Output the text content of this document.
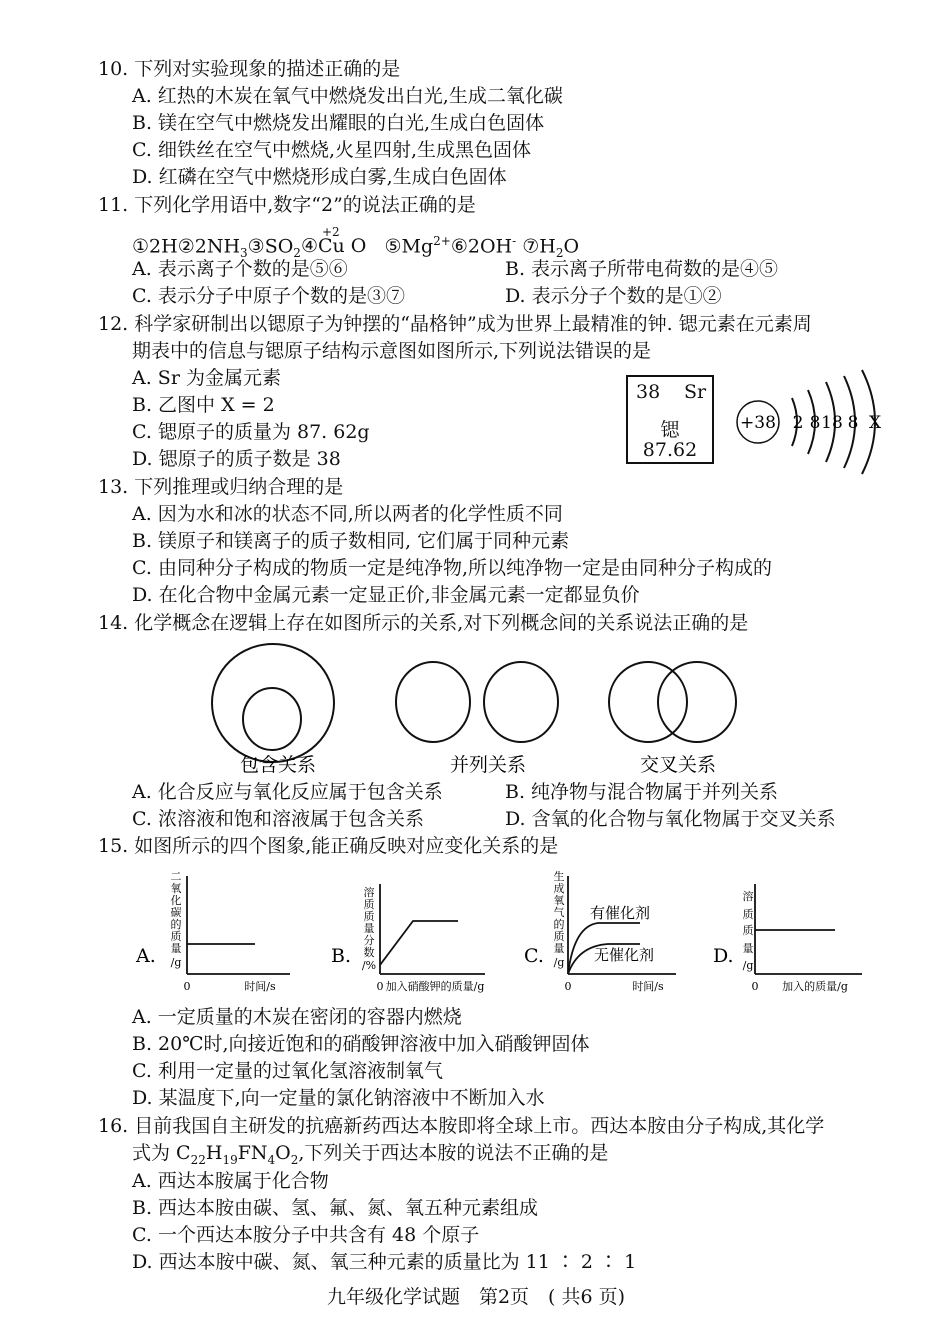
10. 下列对实验现象的描述正确的是
A. 红热的木炭在氧气中燃烧发出白光,生成二氧化碳
B. 镁在空气中燃烧发出耀眼的白光,生成白色固体
C. 细铁丝在空气中燃烧,火星四射,生成黑色固体
D. 红磷在空气中燃烧形成白雾,生成白色固体
11. 下列化学用语中,数字“2”的说法正确的是
$①2H②2NH_3③SO_2$
+2
④Cu O $⑤Mg^{2+}⑥2OH^-$ $⑦H_2O$
A. 表示离子个数的是⑤⑥	B. 表示离子所带电荷数的是④⑤
C. 表示分子中原子个数的是③⑦	D. 表示分子个数的是①②
12. 科学家研制出以锶原子为钟摆的“晶格钟”成为世界上最精准的钟. 锶元素在元素周
期表中的信息与锶原子结构示意图如图所示,下列说法错误的是
A. Sr 为金属元素
B. 乙图中 X = 2
C. 锶原子的质量为 87. 62g
D. 锶原子的质子数是 38
38 Sr
锶
87.62
+38 2 8 18 8 X
13. 下列推理或归纳合理的是
A. 因为水和冰的状态不同,所以两者的化学性质不同
B. 镁原子和镁离子的质子数相同, 它们属于同种元素
C. 由同种分子构成的物质一定是纯净物,所以纯净物一定是由同种分子构成的
D. 在化合物中金属元素一定显正价,非金属元素一定都显负价
14. 化学概念在逻辑上存在如图所示的关系,对下列概念间的关系说法正确的是
包含关系	并列关系	交叉关系
A. 化合反应与氧化反应属于包含关系	B. 纯净物与混合物属于并列关系
C. 浓溶液和饱和溶液属于包含关系	D. 含氧的化合物与氧化物属于交叉关系
15. 如图所示的四个图象,能正确反映对应变化关系的是
A.
二
氧
化
碳
的
质
量
/g
0	时间/s
B.
溶
质
质
量
分
数
/%
0 加入硝酸钾的质量/g
C.
生
成
氧
气
的
质
量
/g
有催化剂
无催化剂
0	时间/s
D.
溶
质
质
量
/g
0 加入的质量/g
A. 一定质量的木炭在密闭的容器内燃烧
B. 20℃时,向接近饱和的硝酸钾溶液中加入硝酸钾固体
C. 利用一定量的过氧化氢溶液制氧气
D. 某温度下,向一定量的氯化钠溶液中不断加入水
16. 目前我国自主研发的抗癌新药西达本胺即将全球上市。西达本胺由分子构成,其化学
式为 $C_{22}H_{19}FN_4O_2$,下列关于西达本胺的说法不正确的是
A. 西达本胺属于化合物
B. 西达本胺由碳、氢、氟、氮、氧五种元素组成
C. 一个西达本胺分子中共含有 48 个原子
D. 西达本胺中碳、氮、氧三种元素的质量比为 11 ∶ 2 ∶ 1
九年级化学试题　第2页　( 共6 页)
